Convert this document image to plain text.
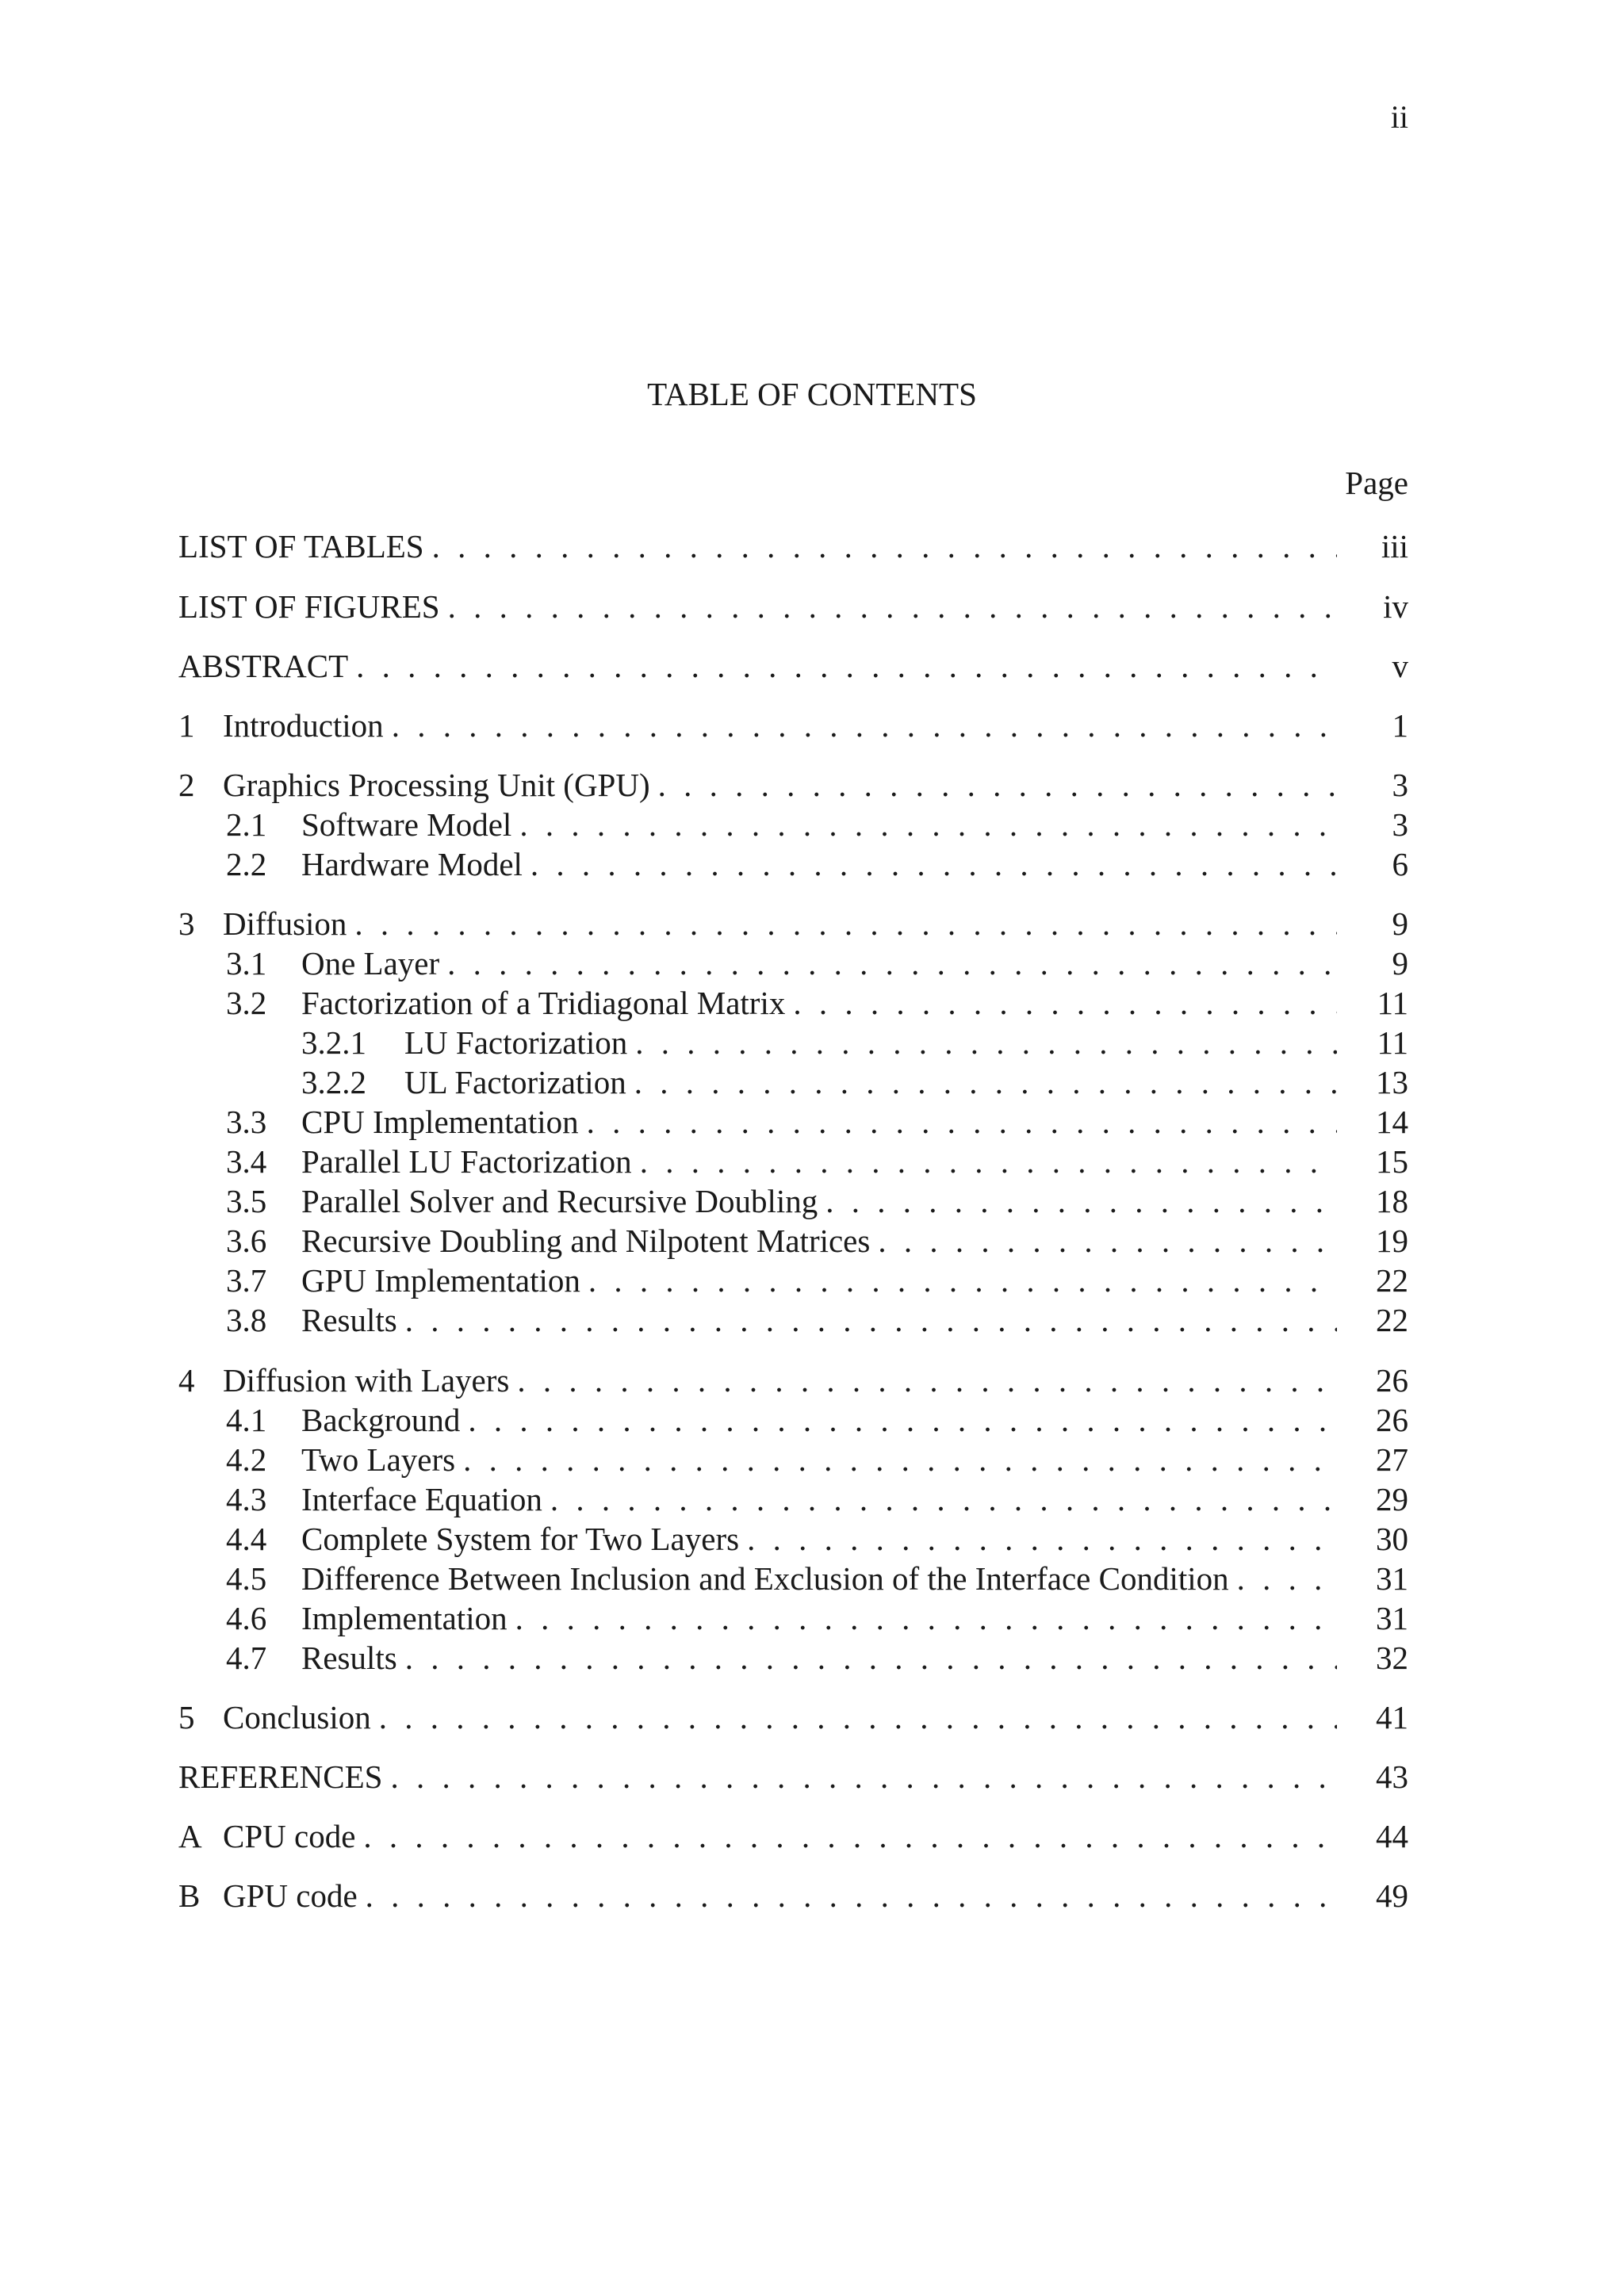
ii
TABLE OF CONTENTS
Page
LIST OF TABLES . . .	iii
LIST OF FIGURES . . .	iv
ABSTRACT . . .	v
1 Introduction . . .	1
2 Graphics Processing Unit (GPU) . . .	3
2.1	Software Model . . .	3
2.2	Hardware Model . . .	6
3 Diffusion . . .	9
3.1	One Layer . . .	9
3.2	Factorization of a Tridiagonal Matrix . . .	11
3.2.1	LU Factorization . . .	11
3.2.2	UL Factorization . . .	13
3.3	CPU Implementation . . .	14
3.4	Parallel LU Factorization . . .	15
3.5	Parallel Solver and Recursive Doubling . . .	18
3.6	Recursive Doubling and Nilpotent Matrices . . .	19
3.7	GPU Implementation . . .	22
3.8	Results . . .	22
4 Diffusion with Layers . . .	26
4.1	Background . . .	26
4.2	Two Layers . . .	27
4.3	Interface Equation . . .	29
4.4	Complete System for Two Layers . . .	30
4.5	Difference Between Inclusion and Exclusion of the Interface Condition . . .	31
4.6	Implementation . . .	31
4.7	Results . . .	32
5 Conclusion . . .	41
REFERENCES . . .	43
A CPU code . . .	44
B GPU code . . .	49
